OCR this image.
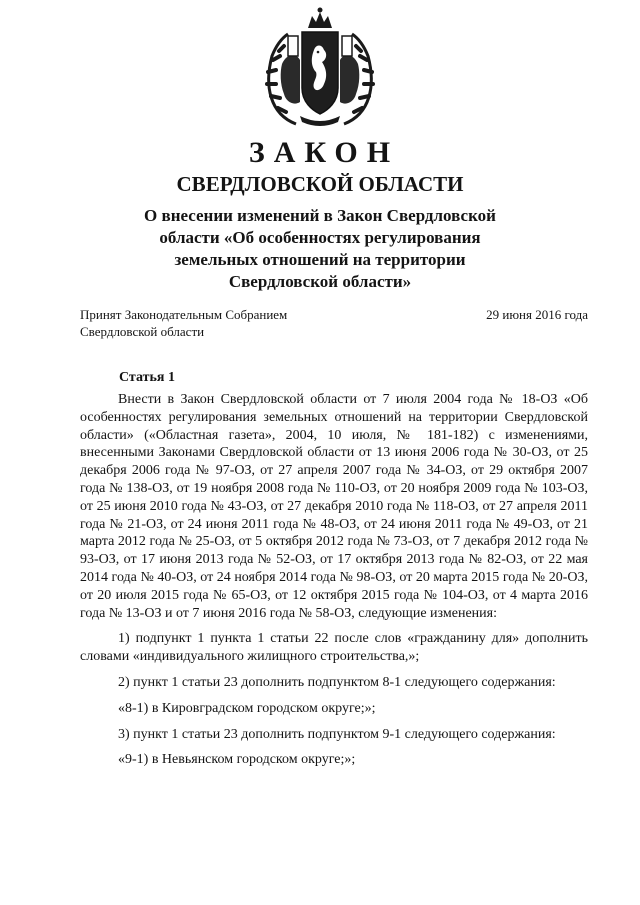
ЗАКОН
СВЕРДЛОВСКОЙ ОБЛАСТИ
О внесении изменений в Закон Свердловской
области «Об особенностях регулирования
земельных отношений на территории
Свердловской области»
Принят Законодательным Собранием
Свердловской области
29 июня 2016 года
Статья 1

Внести в Закон Свердловской области от 7 июля 2004 года № 18-ОЗ «Об особенностях регулирования земельных отношений на территории Свердловской области» («Областная газета», 2004, 10 июля, № 181-182) с изменениями, внесенными Законами Свердловской области от 13 июня 2006 года № 30-ОЗ, от 25 декабря 2006 года № 97-ОЗ, от 27 апреля 2007 года № 34-ОЗ, от 29 октября 2007 года № 138-ОЗ, от 19 ноября 2008 года № 110-ОЗ, от 20 ноября 2009 года № 103-ОЗ, от 25 июня 2010 года № 43-ОЗ, от 27 декабря 2010 года № 118-ОЗ, от 27 апреля 2011 года № 21-ОЗ, от 24 июня 2011 года № 48-ОЗ, от 24 июня 2011 года № 49-ОЗ, от 21 марта 2012 года № 25-ОЗ, от 5 октября 2012 года № 73-ОЗ, от 7 декабря 2012 года № 93-ОЗ, от 17 июня 2013 года № 52-ОЗ, от 17 октября 2013 года № 82-ОЗ, от 22 мая 2014 года № 40-ОЗ, от 24 ноября 2014 года № 98-ОЗ, от 20 марта 2015 года № 20-ОЗ, от 20 июля 2015 года № 65-ОЗ, от 12 октября 2015 года № 104-ОЗ, от 4 марта 2016 года № 13-ОЗ и от 7 июня 2016 года № 58-ОЗ, следующие изменения:

1) подпункт 1 пункта 1 статьи 22 после слов «гражданину для» дополнить словами «индивидуального жилищного строительства,»;

2) пункт 1 статьи 23 дополнить подпунктом 8-1 следующего содержания:

«8-1) в Кировградском городском округе;»;

3) пункт 1 статьи 23 дополнить подпунктом 9-1 следующего содержания:

«9-1) в Невьянском городском округе;»;
